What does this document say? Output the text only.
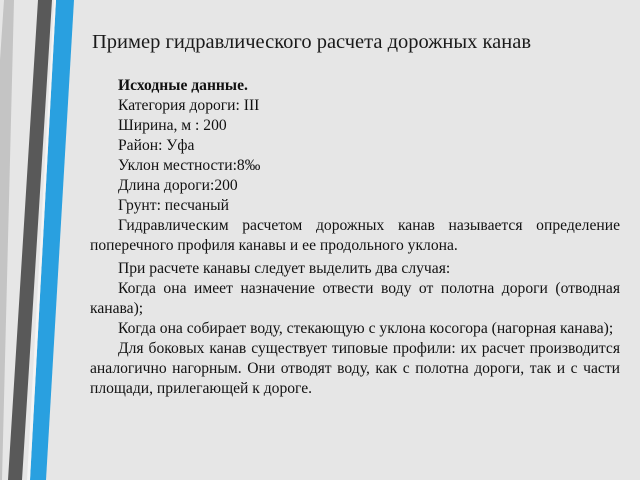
Пример гидравлического расчета дорожных канав
Исходные данные.
Категория дороги: III
Ширина, м : 200
Район: Уфа
Уклон местности:8‰
Длина дороги:200
Грунт: песчаный
Гидравлическим расчетом дорожных канав называется определение поперечного профиля канавы и ее продольного уклона.
При расчете канавы следует выделить два случая:
Когда она имеет назначение отвести воду от полотна дороги (отводная канава);
Когда она собирает воду, стекающую с уклона косогора (нагорная канава);
Для боковых канав существует типовые профили: их расчет производится аналогично нагорным. Они отводят воду, как с полотна дороги, так и с части площади, прилегающей к дороге.
